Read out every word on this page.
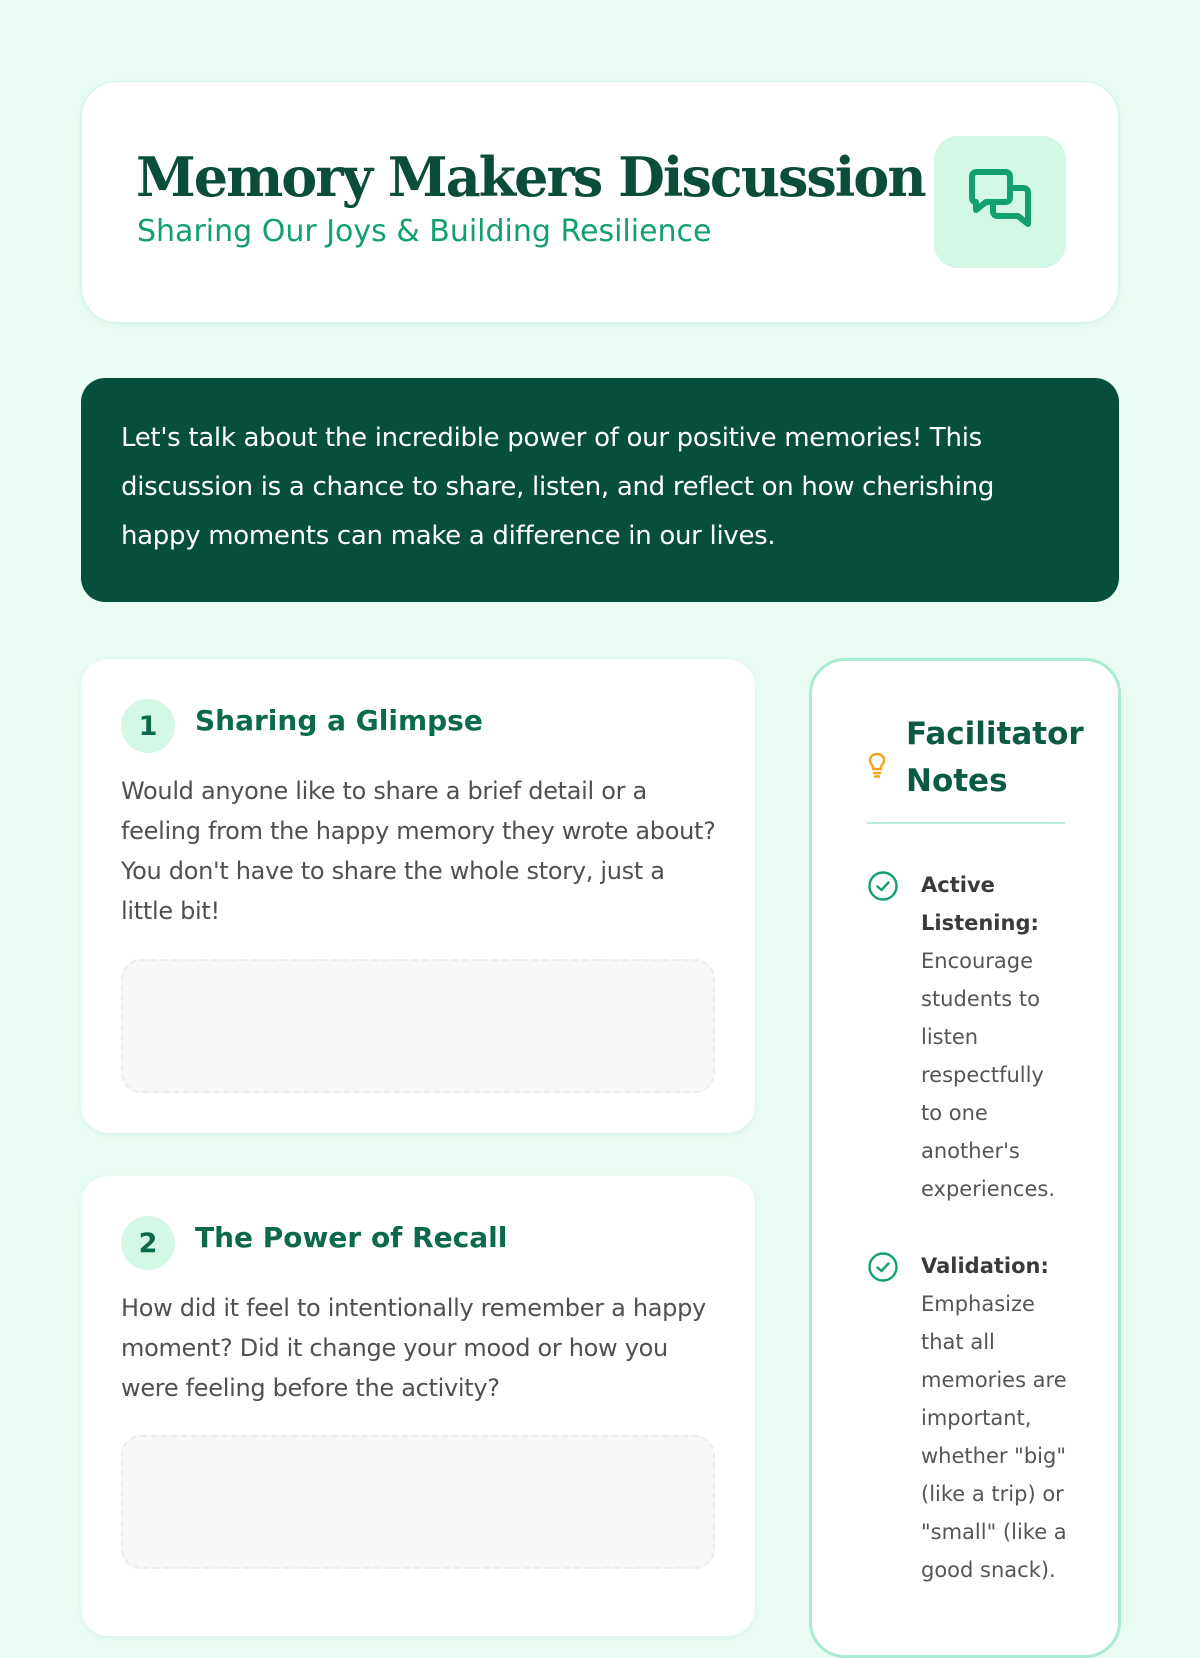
Memory Makers Discussion

Sharing Our Joys & Building Resilience

Let's talk about the incredible power of our positive memories! This discussion is a chance to share, listen, and reflect on how cherishing happy moments can make a difference in our lives.

1	Sharing a Glimpse

Would anyone like to share a brief detail or a feeling from the happy memory they wrote about? You don't have to share the whole story, just a little bit!

2	The Power of Recall

How did it feel to intentionally remember a happy moment? Did it change your mood or how you were feeling before the activity?

Facilitator Notes

Active Listening: Encourage students to listen respectfully to one another's experiences.

Validation: Emphasize that all memories are important, whether "big" (like a trip) or "small" (like a good snack).
